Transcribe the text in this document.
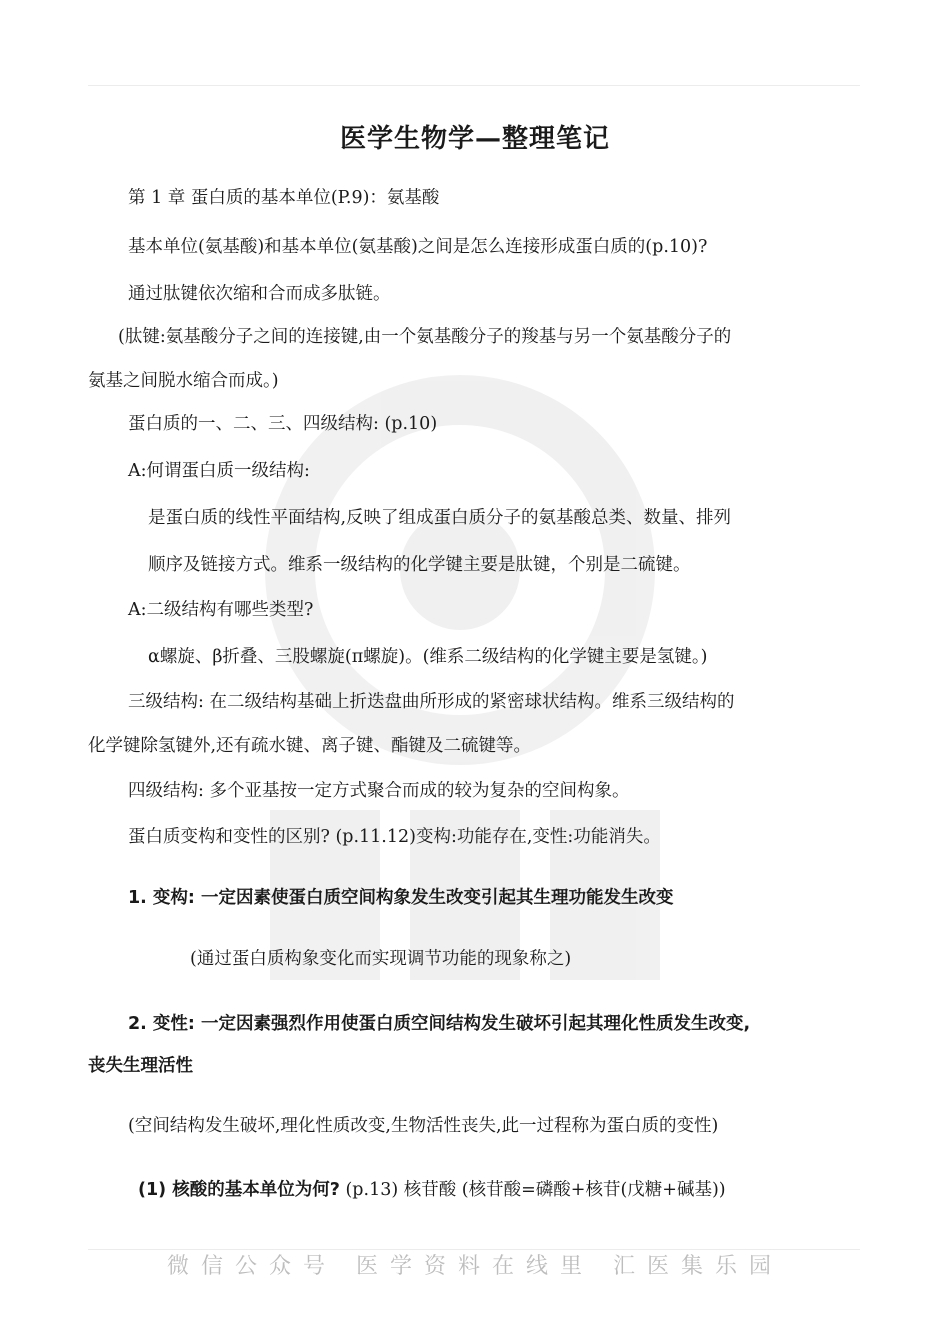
医学生物学—整理笔记
第 1 章 蛋白质的基本单位(P.9)：氨基酸
基本单位(氨基酸)和基本单位(氨基酸)之间是怎么连接形成蛋白质的(p.10)?
通过肽键依次缩和合而成多肽链。
(肽键:氨基酸分子之间的连接键,由一个氨基酸分子的羧基与另一个氨基酸分子的
氨基之间脱水缩合而成。)
蛋白质的一、二、三、四级结构: (p.10)
A:何谓蛋白质一级结构:
是蛋白质的线性平面结构,反映了组成蛋白质分子的氨基酸总类、数量、排列
顺序及链接方式。维系一级结构的化学键主要是肽键，个别是二硫键。
A:二级结构有哪些类型?
α螺旋、β折叠、三股螺旋(π螺旋)。(维系二级结构的化学键主要是氢键。)
三级结构: 在二级结构基础上折迭盘曲所形成的紧密球状结构。维系三级结构的
化学键除氢键外,还有疏水键、离子键、酯键及二硫键等。
四级结构: 多个亚基按一定方式聚合而成的较为复杂的空间构象。
蛋白质变构和变性的区别? (p.11.12)变构:功能存在,变性:功能消失。
1. 变构: 一定因素使蛋白质空间构象发生改变引起其生理功能发生改变
(通过蛋白质构象变化而实现调节功能的现象称之)
2. 变性: 一定因素强烈作用使蛋白质空间结构发生破坏引起其理化性质发生改变,
丧失生理活性
(空间结构发生破坏,理化性质改变,生物活性丧失,此一过程称为蛋白质的变性)
(1) 核酸的基本单位为何? (p.13) 核苷酸 (核苷酸=磷酸+核苷(戊糖+碱基))
微信公众号 医学资料在线里 汇医集乐园
